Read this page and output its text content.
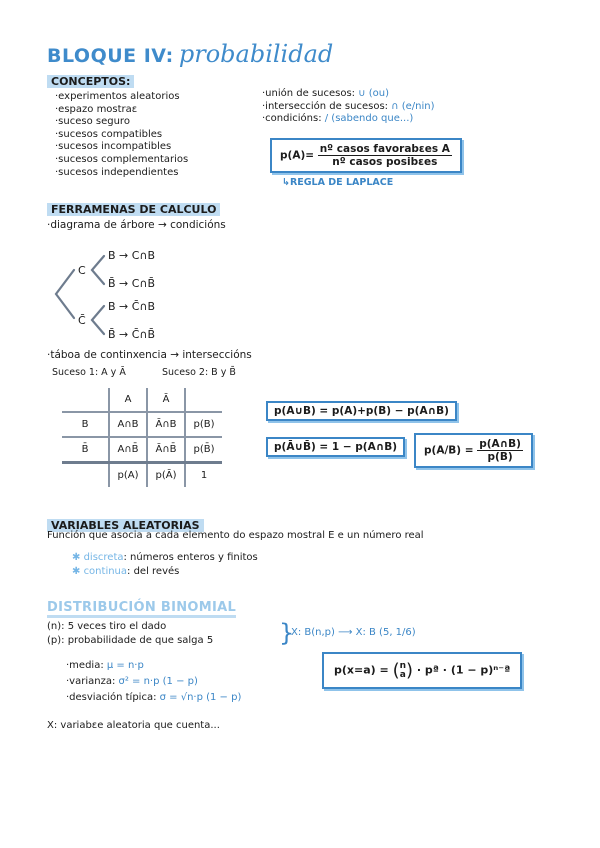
BLOQUE IV: probabilidad
CONCEPTOS:
·experimentos aleatorios
·espazo mostraε
·suceso seguro
·sucesos compatibles
·sucesos incompatibles
·sucesos complementarios
·sucesos independientes
·unión de sucesos: ∪ (ou)
·intersección de sucesos: ∩ (e/nin)
·condicións: / (sabendo que...)
$p(A)= \frac{\text{nº casos favorabεes A}}{\text{nº casos posibεes}}$
↳REGLA DE LAPLACE
FERRAMENAS DE CALCULO
·diagrama de árbore → condicións
C
C̄
B → C∩B
B̄ → C∩B̄
B → C̄∩B
B̄ → C̄∩B̄
·táboa de continxencia → interseccións
Suceso 1: A y Ā	Suceso 2: B y B̄
	A	Ā	
B	A∩B	Ā∩B	p(B)
B̄	A∩B̄	Ā∩B̄	p(B̄)
	p(A)	p(Ā)	1
p(A∪B) = p(A)+p(B) − p(A∩B)
p(Ā∪B̄) = 1 − p(A∩B)	$p(A/B) = \frac{p(A\cap B)}{p(B)}$
VARIABLES ALEATORIAS
Función que asocia a cada elemento do espazo mostral E e un número real
✱ discreta: números enteros y finitos
✱ continua: del revés
DISTRIBUCIÓN BINOMIAL
(n): 5 veces tiro el dado
(p): probabilidade de que salga 5	}
X: B(n,p) ⟶ X: B (5, 1/6)
·media: μ = n·p
·varianza: σ² = n·p (1 − p)
·desviación típica: σ = √n·p (1 − p)
p(x=a) = ( n
a ) · pª · (1 − p)ⁿ⁻ª
X: variabεe aleatoria que cuenta...
